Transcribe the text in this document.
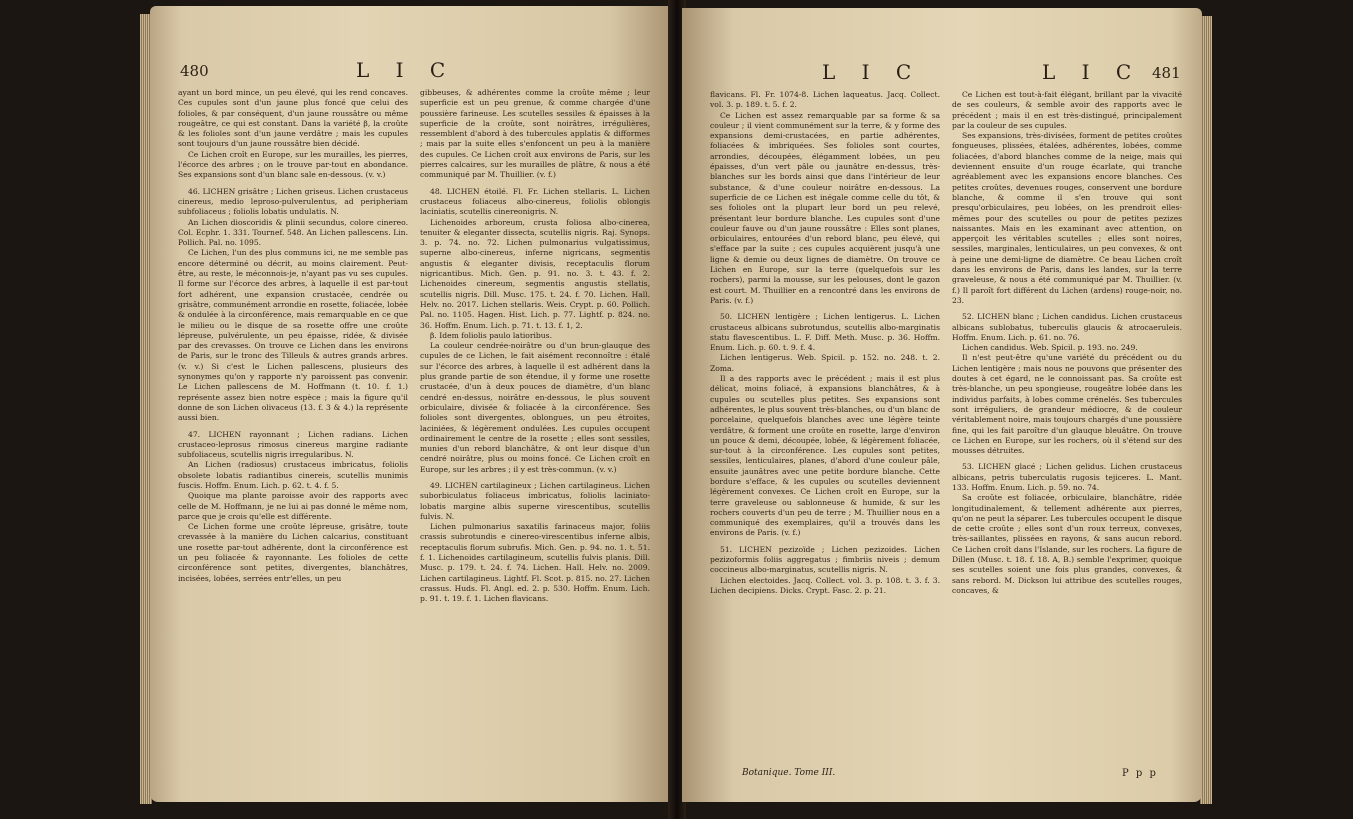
480	L I C

ayant un bord mince, un peu élevé, qui les rend concaves. Ces cupules sont d'un jaune plus foncé que celui des folioles, & par conséquent, d'un jaune roussâtre ou même rougeâtre, ce qui est constant. Dans la variété β, la croûte & les folioles sont d'un jaune verdâtre ; mais les cupules sont toujours d'un jaune roussâtre bien décidé.

Ce Lichen croît en Europe, sur les murailles, les pierres, l'écorce des arbres ; on le trouve par-tout en abondance. Ses expansions sont d'un blanc sale en-dessous. (v. v.)

46. LICHEN grisâtre ; Lichen griseus. Lichen crustaceus cinereus, medio leproso-pulverulentus, ad peripheriam subfoliaceus ; foliolis lobatis undulatis. N.

An Lichen dioscoridis & plinii secundus, colore cinereo. Col. Ecphr. 1. 331. Tournef. 548. An Lichen pallescens. Lin. Pollich. Pal. no. 1095.

Ce Lichen, l'un des plus communs ici, ne me semble pas encore déterminé ou décrit, au moins clairement. Peut-être, au reste, le méconnois-je, n'ayant pas vu ses cupules. Il forme sur l'écorce des arbres, à laquelle il est par-tout fort adhérent, une expansion crustacée, cendrée ou grisâtre, communément arrondie en rosette, foliacée, lobée & ondulée à la circonférence, mais remarquable en ce que le milieu ou le disque de sa rosette offre une croûte lépreuse, pulvérulente, un peu épaisse, ridée, & divisée par des crevasses. On trouve ce Lichen dans les environs de Paris, sur le tronc des Tilleuls & autres grands arbres. (v. v.) Si c'est le Lichen pallescens, plusieurs des synonymes qu'on y rapporte n'y paroissent pas convenir. Le Lichen pallescens de M. Hoffmann (t. 10. f. 1.) représente assez bien notre espèce ; mais la figure qu'il donne de son Lichen olivaceus (13. f. 3 & 4.) la représente aussi bien.

47. LICHEN rayonnant ; Lichen radians. Lichen crustaceo-leprosus rimosus cinereus margine radiante subfoliaceus, scutellis nigris irregularibus. N.

An Lichen (radiosus) crustaceus imbricatus, foliolis obsolete lobatis radiantibus cinereis, scutellis munimis fuscis. Hoffm. Enum. Lich. p. 62. t. 4. f. 5.

Quoique ma plante paroisse avoir des rapports avec celle de M. Hoffmann, je ne lui ai pas donné le même nom, parce que je crois qu'elle est différente.

Ce Lichen forme une croûte lépreuse, grisâtre, toute crevassée à la manière du Lichen calcarius, constituant une rosette par-tout adhérente, dont la circonférence est un peu foliacée & rayonnante. Les folioles de cette circonférence sont petites, divergentes, blanchâtres, incisées, lobées, serrées entr'elles, un peu

gibbeuses, & adhérentes comme la croûte même ; leur superficie est un peu grenue, & comme chargée d'une poussière farineuse. Les scutelles sessiles & épaisses à la superficie de la croûte, sont noirâtres, irrégulières, ressemblent d'abord à des tubercules applatis & difformes ; mais par la suite elles s'enfoncent un peu à la manière des cupules. Ce Lichen croît aux environs de Paris, sur les pierres calcaires, sur les murailles de plâtre, & nous a été communiqué par M. Thuillier. (v. f.)

48. LICHEN étoilé. Fl. Fr. Lichen stellaris. L. Lichen crustaceus foliaceus albo-cinereus, foliolis oblongis laciniatis, scutellis cinereonigris. N.

Lichenoides arboreum, crusta foliosa albo-cinerea, tenuiter & eleganter dissecta, scutellis nigris. Raj. Synops. 3. p. 74. no. 72. Lichen pulmonarius vulgatissimus, superne albo-cinereus, inferne nigricans, segmentis angustis & eleganter divisis, receptaculis florum nigricantibus. Mich. Gen. p. 91. no. 3. t. 43. f. 2. Lichenoides cinereum, segmentis angustis stellatis, scutellis nigris. Dill. Musc. 175. t. 24. f. 70. Lichen. Hall. Helv. no. 2017. Lichen stellaris. Weis. Crypt. p. 60. Pollich. Pal. no. 1105. Hagen. Hist. Lich. p. 77. Lightf. p. 824. no. 36. Hoffm. Enum. Lich. p. 71. t. 13. f. 1, 2.

β. Idem foliolis paulo latioribus.

La couleur cendrée-noirâtre ou d'un brun-glauque des cupules de ce Lichen, le fait aisément reconnoître : étalé sur l'écorce des arbres, à laquelle il est adhérent dans la plus grande partie de son étendue, il y forme une rosette crustacée, d'un à deux pouces de diamètre, d'un blanc cendré en-dessus, noirâtre en-dessous, le plus souvent orbiculaire, divisée & foliacée à la circonférence. Ses folioles sont divergentes, oblongues, un peu étroites, laciniées, & légèrement ondulées. Les cupules occupent ordinairement le centre de la rosette ; elles sont sessiles, munies d'un rebord blanchâtre, & ont leur disque d'un cendré noirâtre, plus ou moins foncé. Ce Lichen croît en Europe, sur les arbres ; il y est très-commun. (v. v.)

49. LICHEN cartilagineux ; Lichen cartilagineus. Lichen suborbiculatus foliaceus imbricatus, foliolis laciniato-lobatis margine albis superne virescentibus, scutellis fulvis. N.

Lichen pulmonarius saxatilis farinaceus major, foliis crassis subrotundis e cinereo-virescentibus inferne albis, receptaculis florum subrufis. Mich. Gen. p. 94. no. 1. t. 51. f. 1. Lichenoides cartilagineum, scutellis fulvis planis. Dill. Musc. p. 179. t. 24. f. 74. Lichen. Hall. Helv. no. 2009. Lichen cartilagineus. Lightf. Fl. Scot. p. 815. no. 27. Lichen crassus. Huds. Fl. Angl. ed. 2. p. 530. Hoffm. Enum. Lich. p. 91. t. 19. f. 1. Lichen flavicans.

L I C	L I C 481

flavicans. Fl. Fr. 1074-8. Lichen laqueatus. Jacq. Collect. vol. 3. p. 189. t. 5. f. 2.

Ce Lichen est assez remarquable par sa forme & sa couleur ; il vient communément sur la terre, & y forme des expansions demi-crustacées, en partie adhérentes, foliacées & imbriquées. Ses folioles sont courtes, arrondies, découpées, élégamment lobées, un peu épaisses, d'un vert pâle ou jaunâtre en-dessus, très-blanches sur les bords ainsi que dans l'intérieur de leur substance, & d'une couleur noirâtre en-dessous. La superficie de ce Lichen est inégale comme celle du tôt, & ses folioles ont la plupart leur bord un peu relevé, présentant leur bordure blanche. Les cupules sont d'une couleur fauve ou d'un jaune roussâtre : Elles sont planes, orbiculaires, entourées d'un rebord blanc, peu élevé, qui s'efface par la suite ; ces cupules acquièrent jusqu'à une ligne & demie ou deux lignes de diamètre. On trouve ce Lichen en Europe, sur la terre (quelquefois sur les rochers), parmi la mousse, sur les pelouses, dont le gazon est court. M. Thuillier en a rencontré dans les environs de Paris. (v. f.)

50. LICHEN lentigère ; Lichen lentigerus. L. Lichen crustaceus albicans subrotundus, scutellis albo-marginatis statu flavescentibus. L. F. Diff. Meth. Musc. p. 36. Hoffm. Enum. Lich. p. 60. t. 9. f. 4.

Lichen lentigerus. Web. Spicil. p. 152. no. 248. t. 2. Zoma.

Il a des rapports avec le précédent ; mais il est plus délicat, moins foliacé, à expansions blanchâtres, & à cupules ou scutelles plus petites. Ses expansions sont adhérentes, le plus souvent très-blanches, ou d'un blanc de porcelaine, quelquefois blanches avec une légère teinte verdâtre, & forment une croûte en rosette, large d'environ un pouce & demi, découpée, lobée, & légèrement foliacée, sur-tout à la circonférence. Les cupules sont petites, sessiles, lenticulaires, planes, d'abord d'une couleur pâle, ensuite jaunâtres avec une petite bordure blanche. Cette bordure s'efface, & les cupules ou scutelles deviennent légèrement convexes. Ce Lichen croît en Europe, sur la terre graveleuse ou sablonneuse & humide, & sur les rochers couverts d'un peu de terre ; M. Thuillier nous en a communiqué des exemplaires, qu'il a trouvés dans les environs de Paris. (v. f.)

51. LICHEN pezizoïde ; Lichen pezizoides. Lichen pezizoformis foliis aggregatus ; fimbriis niveis ; demum coccineus albo-marginatus, scutellis nigris. N.

Lichen electoides. Jacq. Collect. vol. 3. p. 108. t. 3. f. 3. Lichen decipiens. Dicks. Crypt. Fasc. 2. p. 21.

Ce Lichen est tout-à-fait élégant, brillant par la vivacité de ses couleurs, & semble avoir des rapports avec le précédent ; mais il en est très-distingué, principalement par la couleur de ses cupules.

Ses expansions, très-divisées, forment de petites croûtes fongueuses, plissées, étalées, adhérentes, lobées, comme foliacées, d'abord blanches comme de la neige, mais qui deviennent ensuite d'un rouge écarlate, qui tranche agréablement avec les expansions encore blanches. Ces petites croûtes, devenues rouges, conservent une bordure blanche, & comme il s'en trouve qui sont presqu'orbiculaires, peu lobées, on les prendroit elles-mêmes pour des scutelles ou pour de petites pezizes naissantes. Mais en les examinant avec attention, on apperçoit les véritables scutelles ; elles sont noires, sessiles, marginales, lenticulaires, un peu convexes, & ont à peine une demi-ligne de diamètre. Ce beau Lichen croît dans les environs de Paris, dans les landes, sur la terre graveleuse, & nous a été communiqué par M. Thuillier. (v. f.) Il paroît fort différent du Lichen (ardens) rouge-noir, no. 23.

52. LICHEN blanc ; Lichen candidus. Lichen crustaceus albicans sublobatus, tuberculis glaucis & atrocaeruleis. Hoffm. Enum. Lich. p. 61. no. 76.

Lichen candidus. Web. Spicil. p. 193. no. 249.

Il n'est peut-être qu'une variété du précédent ou du Lichen lentigère ; mais nous ne pouvons que présenter des doutes à cet égard, ne le connoissant pas. Sa croûte est très-blanche, un peu spongieuse, rougeâtre lobée dans les individus parfaits, à lobes comme crénelés. Ses tubercules sont irréguliers, de grandeur médiocre, & de couleur véritablement noire, mais toujours chargés d'une poussière fine, qui les fait paroître d'un glauque bleuâtre. On trouve ce Lichen en Europe, sur les rochers, où il s'étend sur des mousses détruites.

53. LICHEN glacé ; Lichen gelidus. Lichen crustaceus albicans, petris tuberculatis rugosis tejiceres. L. Mant. 133. Hoffm. Enum. Lich. p. 59. no. 74.

Sa croûte est foliacée, orbiculaire, blanchâtre, ridée longitudinalement, & tellement adhérente aux pierres, qu'on ne peut la séparer. Les tubercules occupent le disque de cette croûte ; elles sont d'un roux terreux, convexes, très-saillantes, plissées en rayons, & sans aucun rebord. Ce Lichen croît dans l'Islande, sur les rochers. La figure de Dillen (Musc. t. 18. f. 18. A, B.) semble l'exprimer, quoique ses scutelles soient une fois plus grandes, convexes, & sans rebord. M. Dickson lui attribue des scutelles rouges, concaves, &

Botanique. Tome III.	P p p
